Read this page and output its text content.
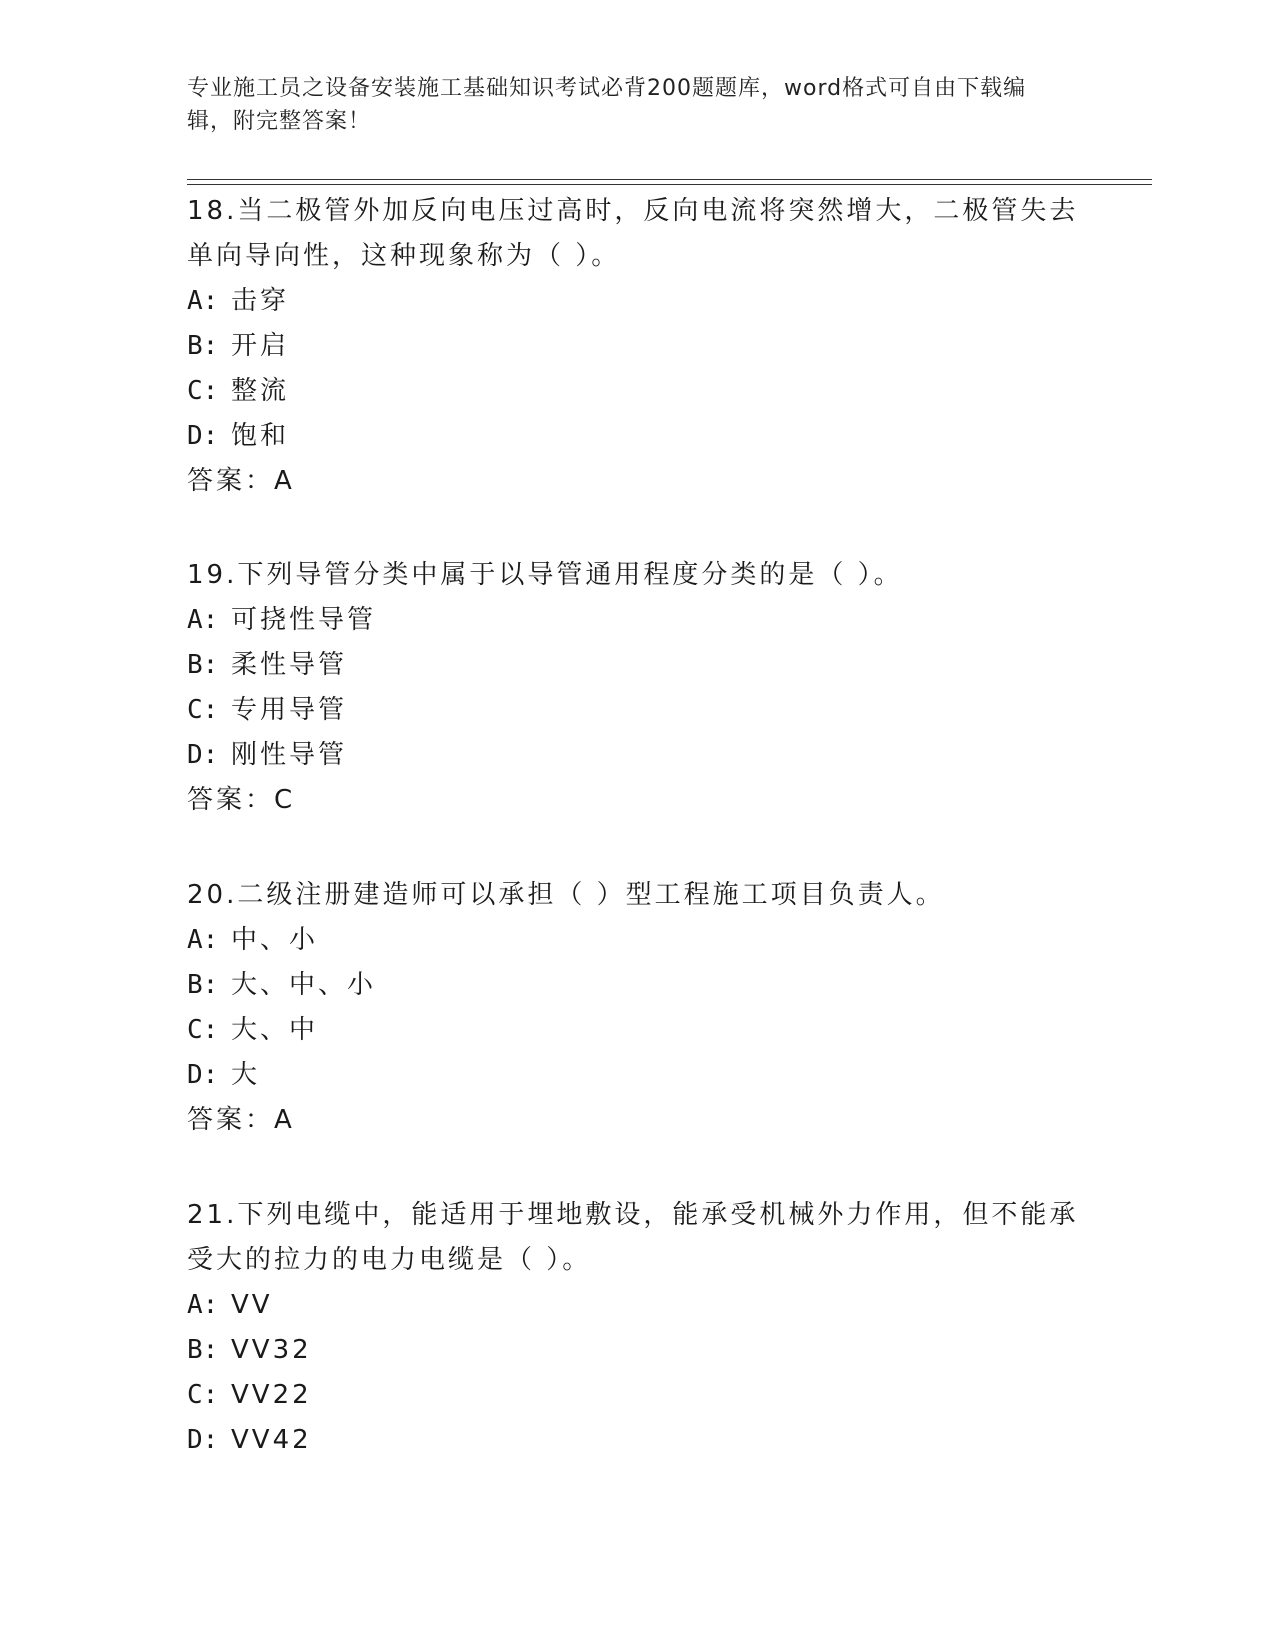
专业施工员之设备安装施工基础知识考试必背200题题库，word格式可自由下载编辑，附完整答案！

18.当二极管外加反向电压过高时，反向电流将突然增大，二极管失去单向导向性，这种现象称为（ ）。

A: 击穿

B: 开启

C: 整流

D: 饱和

答案：A

19.下列导管分类中属于以导管通用程度分类的是（ ）。

A: 可挠性导管

B: 柔性导管

C: 专用导管

D: 刚性导管

答案：C

20.二级注册建造师可以承担（ ）型工程施工项目负责人。

A: 中、小

B: 大、中、小

C: 大、中

D: 大

答案：A

21.下列电缆中，能适用于埋地敷设，能承受机械外力作用，但不能承受大的拉力的电力电缆是（ ）。

A: VV

B: VV32

C: VV22

D: VV42
